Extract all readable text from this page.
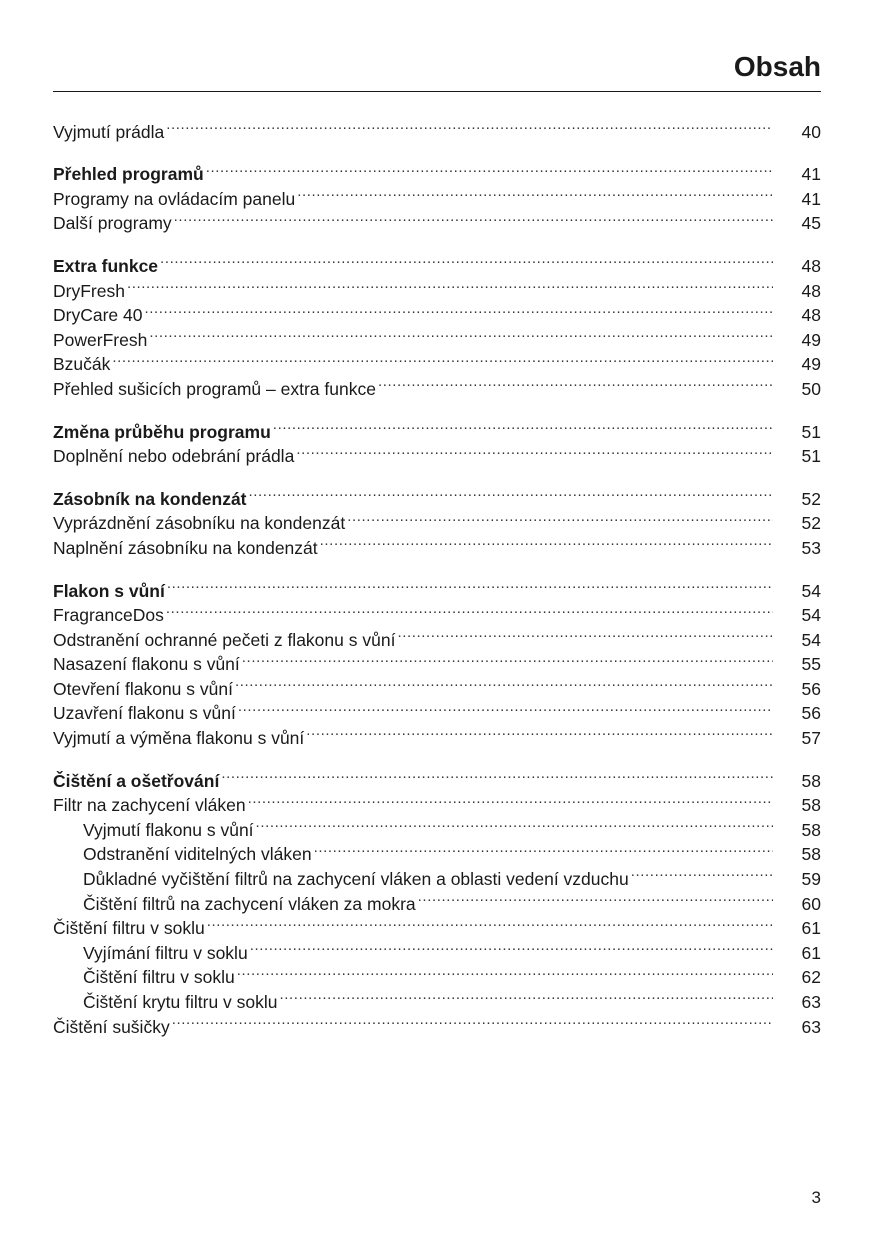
Obsah
Vyjmutí prádla .....	40
Přehled programů .....	41
Programy na ovládacím panelu .....	41
Další programy .....	45
Extra funkce .....	48
DryFresh .....	48
DryCare 40 .....	48
PowerFresh .....	49
Bzučák .....	49
Přehled sušicích programů – extra funkce .....	50
Změna průběhu programu .....	51
Doplnění nebo odebrání prádla .....	51
Zásobník na kondenzát .....	52
Vyprázdnění zásobníku na kondenzát .....	52
Naplnění zásobníku na kondenzát .....	53
Flakon s vůní .....	54
FragranceDos .....	54
Odstranění ochranné pečeti z flakonu s vůní .....	54
Nasazení flakonu s vůní .....	55
Otevření flakonu s vůní .....	56
Uzavření flakonu s vůní .....	56
Vyjmutí a výměna flakonu s vůní .....	57
Čištění a ošetřování .....	58
Filtr na zachycení vláken .....	58
Vyjmutí flakonu s vůní .....	58
Odstranění viditelných vláken .....	58
Důkladné vyčištění filtrů na zachycení vláken a oblasti vedení vzduchu .....	59
Čištění filtrů na zachycení vláken za mokra .....	60
Čištění filtru v soklu .....	61
Vyjímání filtru v soklu .....	61
Čištění filtru v soklu .....	62
Čištění krytu filtru v soklu .....	63
Čištění sušičky .....	63
3
